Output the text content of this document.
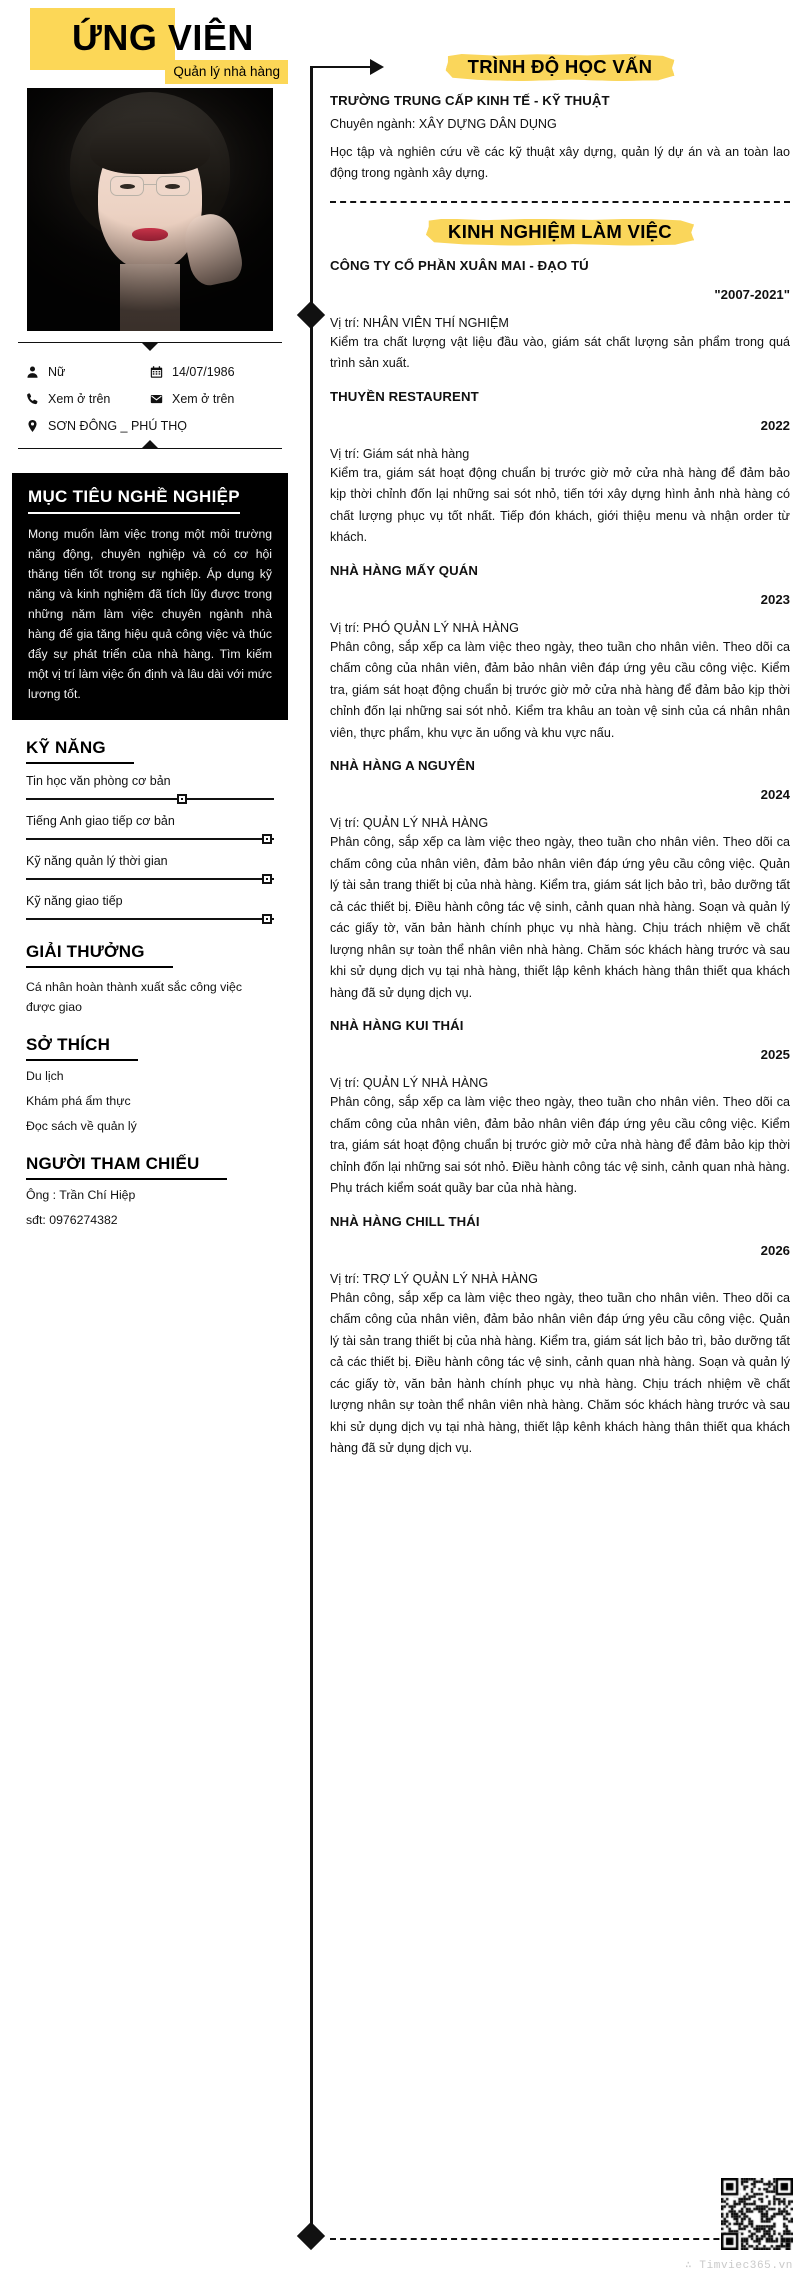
ỨNG VIÊN
Quản lý nhà hàng
Nữ	14/07/1986
Xem ở trên	Xem ở trên
SƠN ĐÔNG _ PHÚ THỌ
MỤC TIÊU NGHỀ NGHIỆP
Mong muốn làm việc trong một môi trường năng động, chuyên nghiệp và có cơ hội thăng tiến tốt trong sự nghiệp. Áp dụng kỹ năng và kinh nghiệm đã tích lũy được trong những năm làm việc chuyên ngành nhà hàng để gia tăng hiệu quả công việc và thúc đẩy sự phát triển của nhà hàng. Tìm kiếm một vị trí làm việc ổn định và lâu dài với mức lương tốt.
KỸ NĂNG
Tin học văn phòng cơ bản
Tiếng Anh giao tiếp cơ bản
Kỹ năng quản lý thời gian
Kỹ năng giao tiếp
GIẢI THƯỞNG
Cá nhân hoàn thành xuất sắc công việc được giao
SỞ THÍCH
Du lịch
Khám phá ẩm thực
Đọc sách về quản lý
NGƯỜI THAM CHIẾU
Ông : Trần Chí Hiệp
sđt: 0976274382
TRÌNH ĐỘ HỌC VẤN
TRƯỜNG TRUNG CẤP KINH TẾ - KỸ THUẬT
Chuyên ngành: XÂY DỰNG DÂN DỤNG
Học tập và nghiên cứu về các kỹ thuật xây dựng, quản lý dự án và an toàn lao động trong ngành xây dựng.
KINH NGHIỆM LÀM VIỆC
CÔNG TY CỔ PHẦN XUÂN MAI - ĐẠO TÚ
"2007-2021"
Vị trí: NHÂN VIÊN THÍ NGHIỆM
Kiểm tra chất lượng vật liệu đầu vào, giám sát chất lượng sản phẩm trong quá trình sản xuất.
THUYỀN RESTAURENT
2022
Vị trí: Giám sát nhà hàng
Kiểm tra, giám sát hoạt động chuẩn bị trước giờ mở cửa nhà hàng để đảm bảo kịp thời chỉnh đốn lại những sai sót nhỏ, tiến tới xây dựng hình ảnh nhà hàng có chất lượng phục vụ tốt nhất. Tiếp đón khách, giới thiệu menu và nhận order từ khách.
NHÀ HÀNG MẤY QUÁN
2023
Vị trí: PHÓ QUẢN LÝ NHÀ HÀNG
Phân công, sắp xếp ca làm việc theo ngày, theo tuần cho nhân viên. Theo dõi ca chấm công của nhân viên, đảm bảo nhân viên đáp ứng yêu cầu công việc. Kiểm tra, giám sát hoạt động chuẩn bị trước giờ mở cửa nhà hàng để đảm bảo kịp thời chỉnh đốn lại những sai sót nhỏ. Kiểm tra khâu an toàn vệ sinh của cá nhân nhân viên, thực phẩm, khu vực ăn uống và khu vực nấu.
NHÀ HÀNG A NGUYÊN
2024
Vị trí: QUẢN LÝ NHÀ HÀNG
Phân công, sắp xếp ca làm việc theo ngày, theo tuần cho nhân viên. Theo dõi ca chấm công của nhân viên, đảm bảo nhân viên đáp ứng yêu cầu công việc. Quản lý tài sản trang thiết bị của nhà hàng. Kiểm tra, giám sát lịch bảo trì, bảo dưỡng tất cả các thiết bị. Điều hành công tác vệ sinh, cảnh quan nhà hàng. Soạn và quản lý các giấy tờ, văn bản hành chính phục vụ nhà hàng. Chịu trách nhiệm về chất lượng nhân sự toàn thể nhân viên nhà hàng. Chăm sóc khách hàng trước và sau khi sử dụng dịch vụ tại nhà hàng, thiết lập kênh khách hàng thân thiết qua khách hàng đã sử dụng dịch vụ.
NHÀ HÀNG KUI THÁI
2025
Vị trí: QUẢN LÝ NHÀ HÀNG
Phân công, sắp xếp ca làm việc theo ngày, theo tuần cho nhân viên. Theo dõi ca chấm công của nhân viên, đảm bảo nhân viên đáp ứng yêu cầu công việc. Kiểm tra, giám sát hoạt động chuẩn bị trước giờ mở cửa nhà hàng để đảm bảo kịp thời chỉnh đốn lại những sai sót nhỏ. Điều hành công tác vệ sinh, cảnh quan nhà hàng. Phụ trách kiểm soát quầy bar của nhà hàng.
NHÀ HÀNG CHILL THÁI
2026
Vị trí: TRỢ LÝ QUẢN LÝ NHÀ HÀNG
Phân công, sắp xếp ca làm việc theo ngày, theo tuần cho nhân viên. Theo dõi ca chấm công của nhân viên, đảm bảo nhân viên đáp ứng yêu cầu công việc. Quản lý tài sản trang thiết bị của nhà hàng. Kiểm tra, giám sát lịch bảo trì, bảo dưỡng tất cả các thiết bị. Điều hành công tác vệ sinh, cảnh quan nhà hàng. Soạn và quản lý các giấy tờ, văn bản hành chính phục vụ nhà hàng. Chịu trách nhiệm về chất lượng nhân sự toàn thể nhân viên nhà hàng. Chăm sóc khách hàng trước và sau khi sử dụng dịch vụ tại nhà hàng, thiết lập kênh khách hàng thân thiết qua khách hàng đã sử dụng dịch vụ.
∴ Timviec365.vn
